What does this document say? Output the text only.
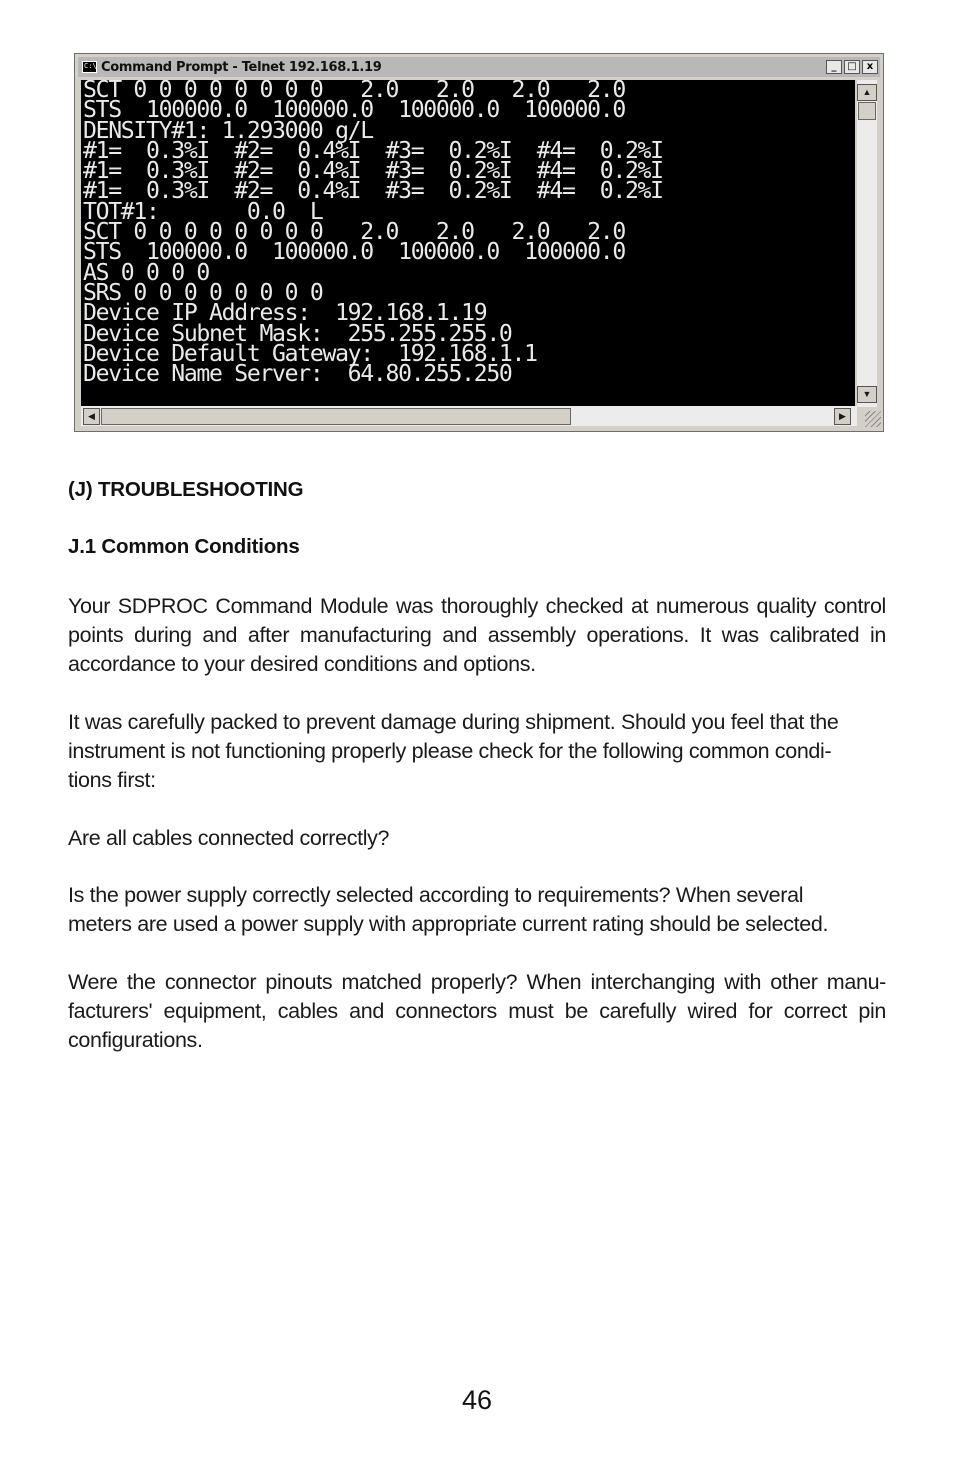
C:\ Command Prompt - Telnet 192.168.1.19	_	□	x
SCT 0 0 0 0 0 0 0 0   2.0   2.0   2.0   2.0
STS  100000.0  100000.0  100000.0  100000.0
DENSITY#1: 1.293000 g/L
#1=  0.3%I  #2=  0.4%I  #3=  0.2%I  #4=  0.2%I
#1=  0.3%I  #2=  0.4%I  #3=  0.2%I  #4=  0.2%I
#1=  0.3%I  #2=  0.4%I  #3=  0.2%I  #4=  0.2%I
TOT#1:       0.0  L
SCT 0 0 0 0 0 0 0 0   2.0   2.0   2.0   2.0
STS  100000.0  100000.0  100000.0  100000.0
AS 0 0 0 0
SRS 0 0 0 0 0 0 0 0
Device IP Address:  192.168.1.19
Device Subnet Mask:  255.255.255.0
Device Default Gateway:  192.168.1.1
Device Name Server:  64.80.255.250
▲
▼
◀	▶
(J) TROUBLESHOOTING
J.1 Common Conditions
Your SDPROC Command Module was thoroughly checked at numerous quality control points during and after manufacturing and assembly operations. It was calibrated in accordance to your desired conditions and options.
It was carefully packed to prevent damage during shipment. Should you feel that the
instrument is not functioning properly please check for the following common condi-
tions first:
Are all cables connected correctly?
Is the power supply correctly selected according to requirements? When several
meters are used a power supply with appropriate current rating should be selected.
Were the connector pinouts matched properly? When interchanging with other manu-facturers' equipment, cables and connectors must be carefully wired for correct pin configurations.
46
